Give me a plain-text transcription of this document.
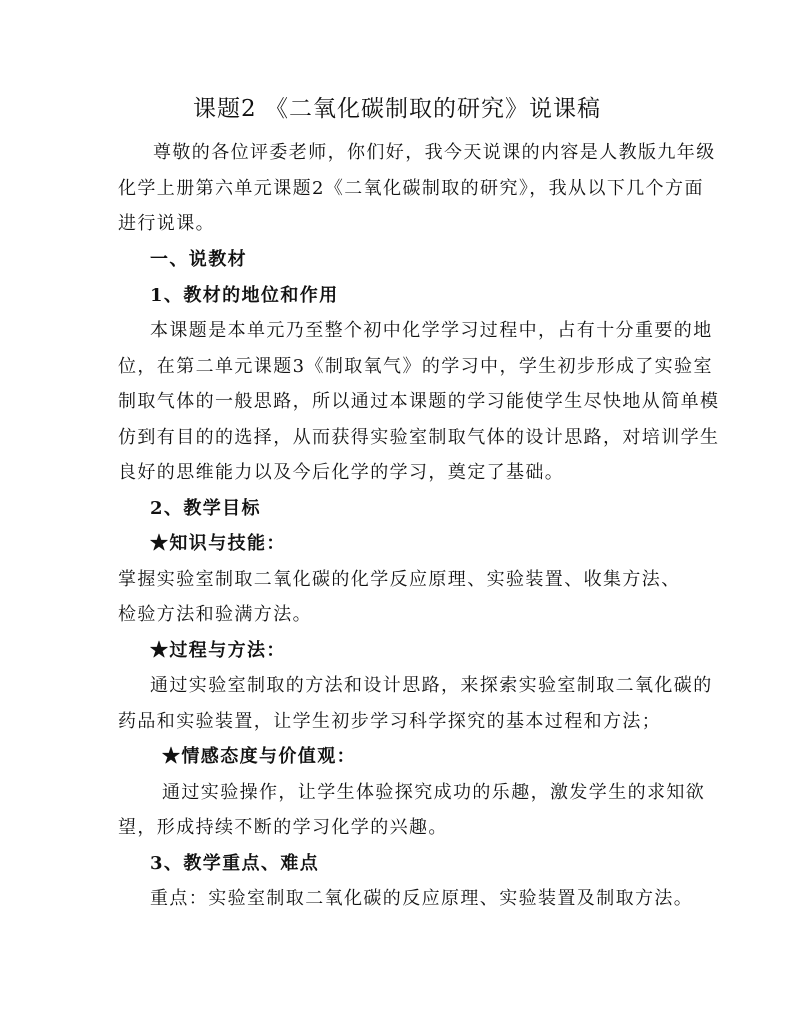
课题2 《二氧化碳制取的研究》说课稿
尊敬的各位评委老师，你们好，我今天说课的内容是人教版九年级
化学上册第六单元课题2《二氧化碳制取的研究》，我从以下几个方面
进行说课。
一、说教材
1、教材的地位和作用
本课题是本单元乃至整个初中化学学习过程中，占有十分重要的地
位，在第二单元课题3《制取氧气》的学习中，学生初步形成了实验室
制取气体的一般思路，所以通过本课题的学习能使学生尽快地从简单模
仿到有目的的选择，从而获得实验室制取气体的设计思路，对培训学生
良好的思维能力以及今后化学的学习，奠定了基础。
2、教学目标
★知识与技能：
掌握实验室制取二氧化碳的化学反应原理、实验装置、收集方法、
检验方法和验满方法。
★过程与方法：
通过实验室制取的方法和设计思路，来探索实验室制取二氧化碳的
药品和实验装置，让学生初步学习科学探究的基本过程和方法；
★情感态度与价值观：
通过实验操作，让学生体验探究成功的乐趣，激发学生的求知欲
望，形成持续不断的学习化学的兴趣。
3、教学重点、难点
重点：实验室制取二氧化碳的反应原理、实验装置及制取方法。
